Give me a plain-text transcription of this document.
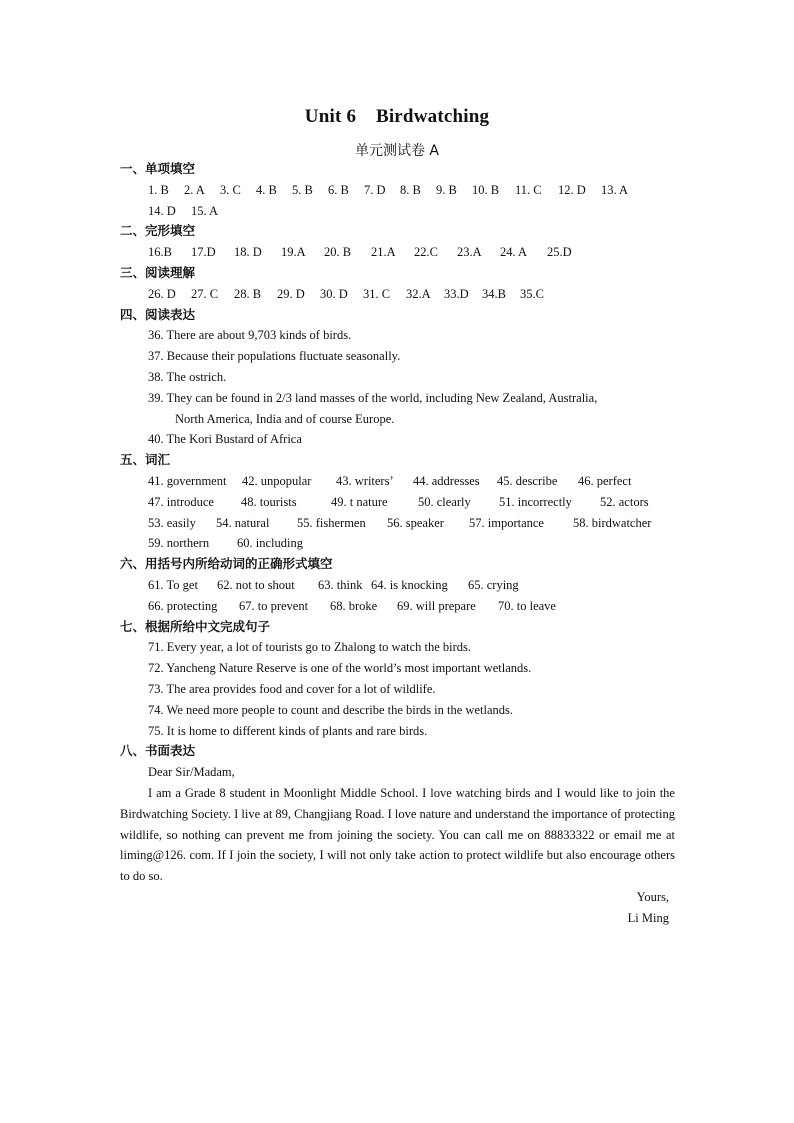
Unit 6    Birdwatching
单元测试卷 A
一、单项填空
1. B 2. A 3. C 4. B 5. B 6. B 7. D 8. B 9. B 10. B 11. C 12. D 13. A
14. D 15. A
二、完形填空
16.B 17.D 18. D 19.A 20. B 21.A 22.C 23.A 24. A 25.D
三、阅读理解
26. D 27. C 28. B 29. D 30. D 31. C 32.A 33.D 34.B 35.C
四、阅读表达
36. There are about 9,703 kinds of birds.
37. Because their populations fluctuate seasonally.
38. The ostrich.
39. They can be found in 2/3 land masses of the world, including New Zealand, Australia,
North America, India and of course Europe.
40. The Kori Bustard of Africa
五、词汇
41. government 42. unpopular 43. writers’ 44. addresses 45. describe 46. perfect
47. introduce 48. tourists	49. t nature 50. clearly 51. incorrectly 52. actors
53. easily 54. natural 55. fishermen 56. speaker 57. importance 58. birdwatcher
59. northern 60. including
六、用括号内所给动词的正确形式填空
61. To get 62. not to shout 63. think 64. is knocking 65. crying
66. protecting 67. to prevent 68. broke 69. will prepare 70. to leave
七、根据所给中文完成句子
71. Every year, a lot of tourists go to Zhalong to watch the birds.
72. Yancheng Nature Reserve is one of the world’s most important wetlands.
73. The area provides food and cover for a lot of wildlife.
74. We need more people to count and describe the birds in the wetlands.
75. It is home to different kinds of plants and rare birds.
八、书面表达
Dear Sir/Madam,

I am a Grade 8 student in Moonlight Middle School. I love watching birds and I would like to join the Birdwatching Society. I live at 89, Changjiang Road. I love nature and understand the importance of protecting wildlife, so nothing can prevent me from joining the society. You can call me on 88833322 or email me at liming@126. com. If I join the society, I will not only take action to protect wildlife but also encourage others to do so.

Yours,
Li Ming
